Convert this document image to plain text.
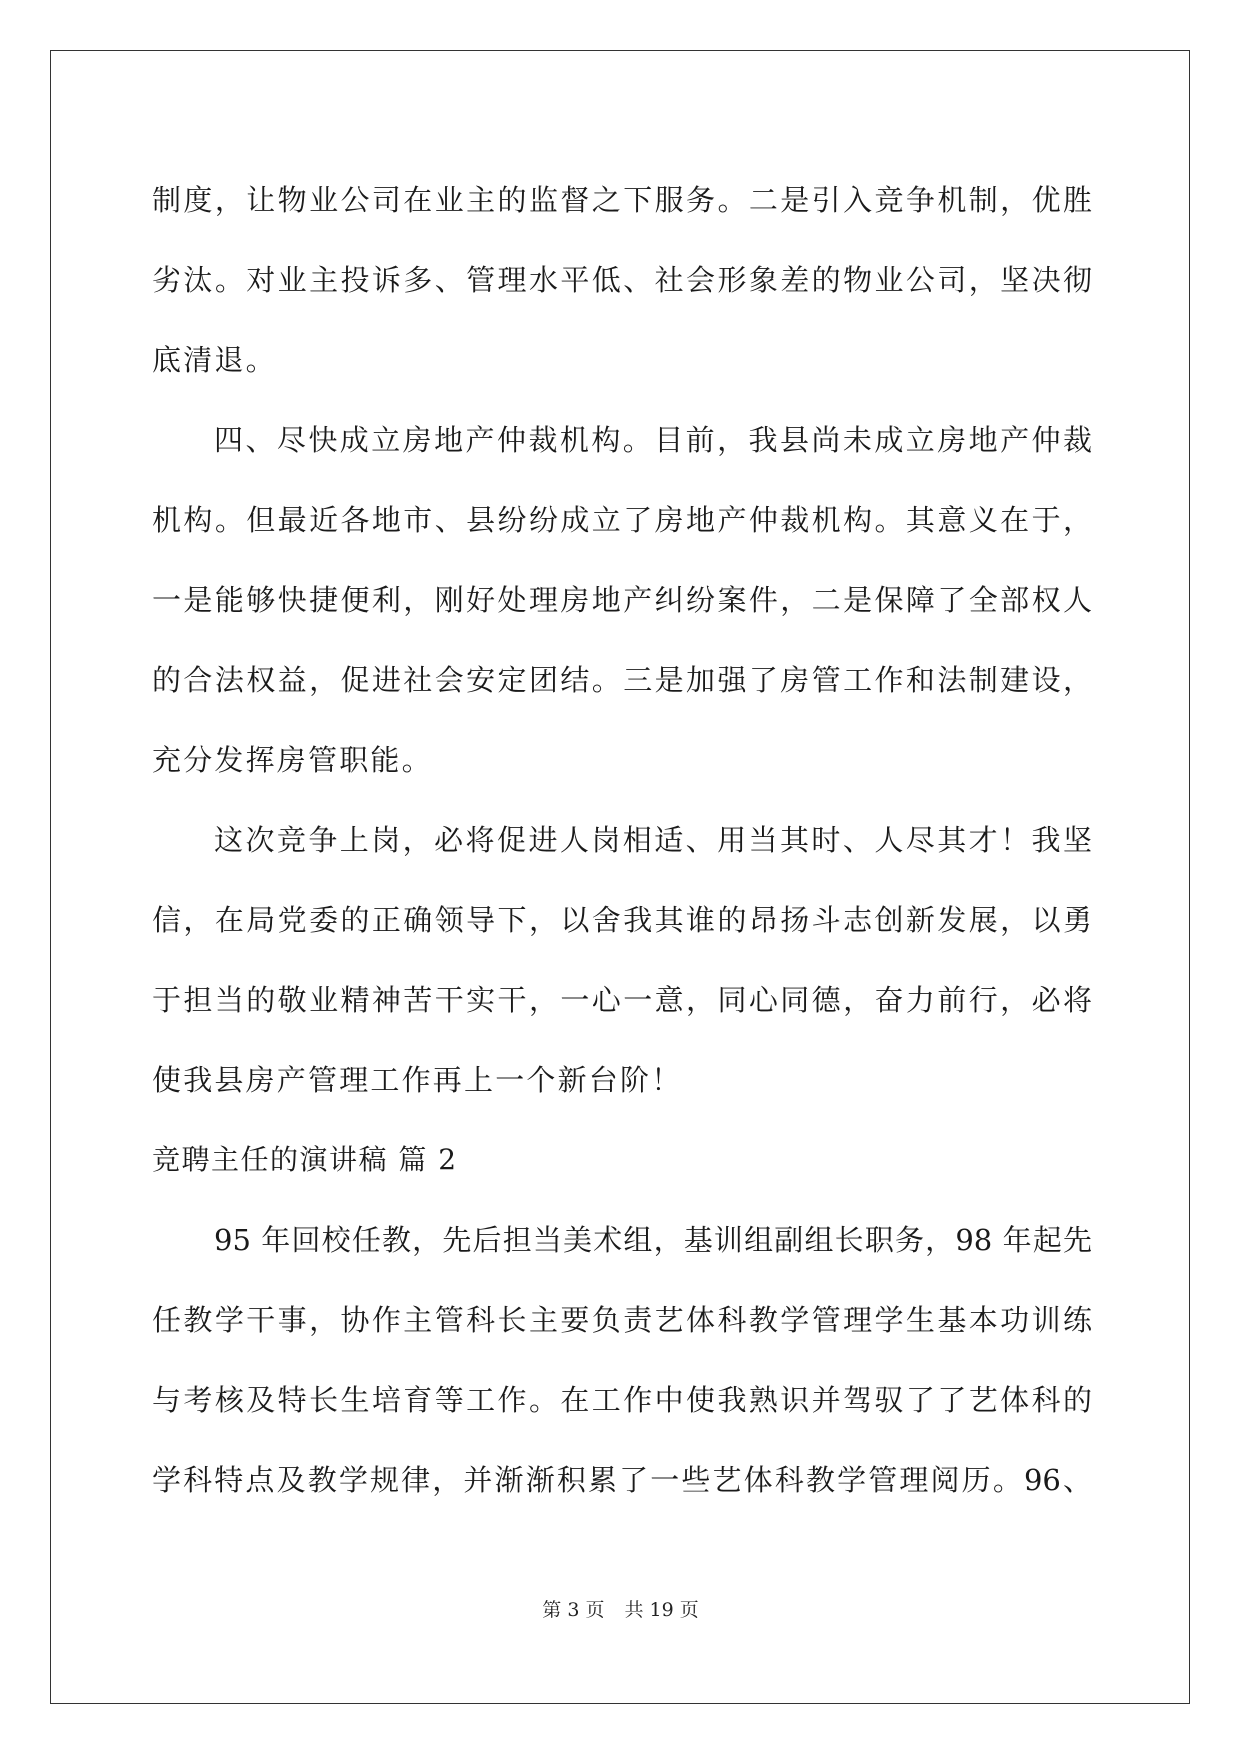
制度，让物业公司在业主的监督之下服务。二是引入竞争机制，优胜
劣汰。对业主投诉多、管理水平低、社会形象差的物业公司，坚决彻
底清退。
四、尽快成立房地产仲裁机构。目前，我县尚未成立房地产仲裁
机构。但最近各地市、县纷纷成立了房地产仲裁机构。其意义在于，
一是能够快捷便利，刚好处理房地产纠纷案件，二是保障了全部权人
的合法权益，促进社会安定团结。三是加强了房管工作和法制建设，
充分发挥房管职能。
这次竞争上岗，必将促进人岗相适、用当其时、人尽其才！我坚
信，在局党委的正确领导下，以舍我其谁的昂扬斗志创新发展，以勇
于担当的敬业精神苦干实干，一心一意，同心同德，奋力前行，必将
使我县房产管理工作再上一个新台阶！
竞聘主任的演讲稿 篇 2
95 年回校任教，先后担当美术组，基训组副组长职务，98 年起先
任教学干事，协作主管科长主要负责艺体科教学管理学生基本功训练
与考核及特长生培育等工作。在工作中使我熟识并驾驭了了艺体科的
学科特点及教学规律，并渐渐积累了一些艺体科教学管理阅历。96、
第 3 页 共 19 页
